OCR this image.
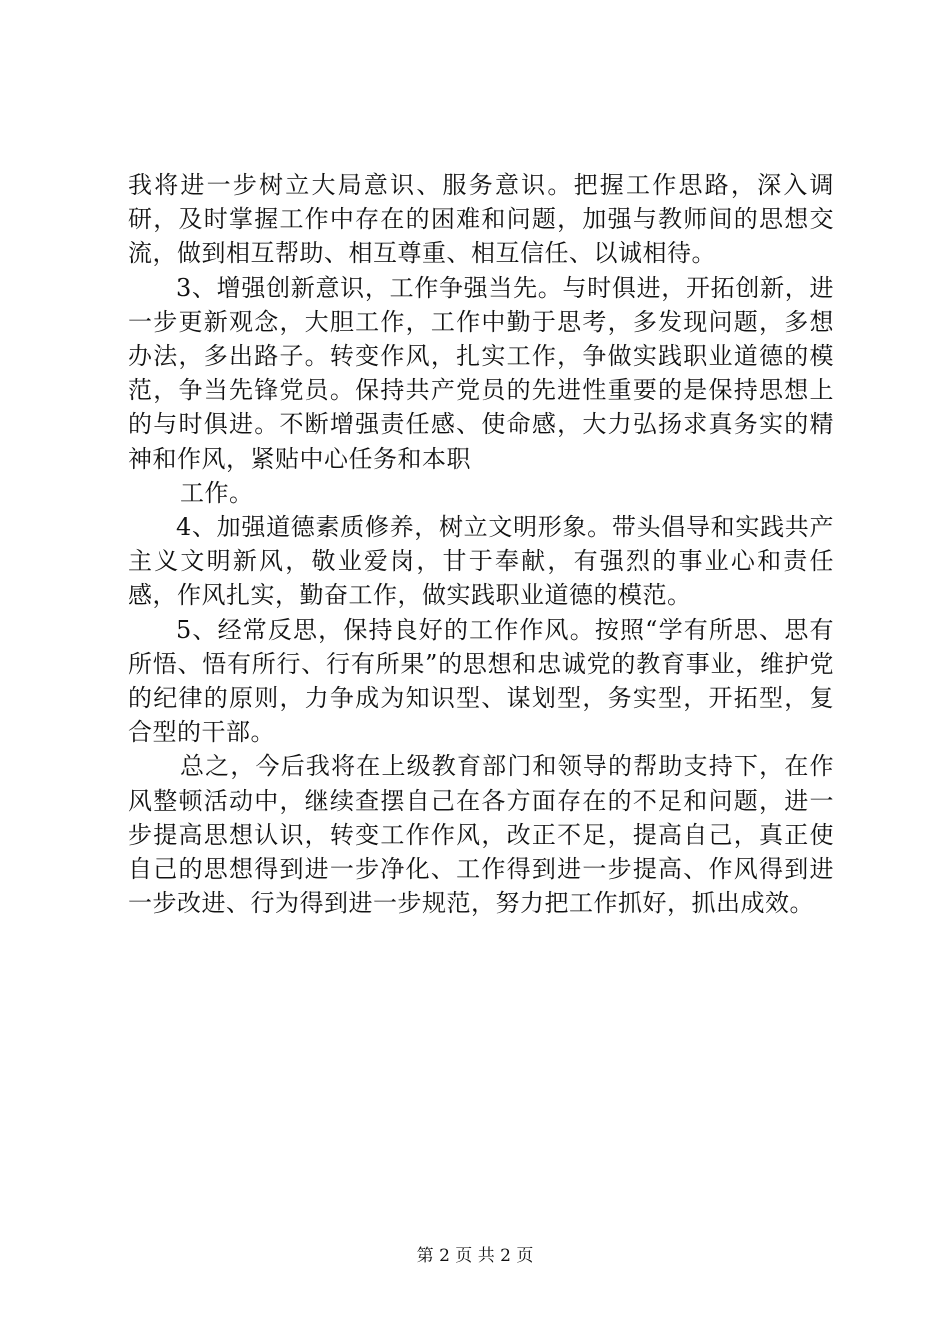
我将进一步树立大局意识、服务意识。把握工作思路，深入调研，及时掌握工作中存在的困难和问题，加强与教师间的思想交流，做到相互帮助、相互尊重、相互信任、以诚相待。

3、增强创新意识，工作争强当先。与时俱进，开拓创新，进一步更新观念，大胆工作，工作中勤于思考，多发现问题，多想办法，多出路子。转变作风，扎实工作，争做实践职业道德的模范，争当先锋党员。保持共产党员的先进性重要的是保持思想上的与时俱进。不断增强责任感、使命感，大力弘扬求真务实的精神和作风，紧贴中心任务和本职

工作。

4、加强道德素质修养，树立文明形象。带头倡导和实践共产主义文明新风，敬业爱岗，甘于奉献，有强烈的事业心和责任感，作风扎实，勤奋工作，做实践职业道德的模范。

5、经常反思，保持良好的工作作风。按照“学有所思、思有所悟、悟有所行、行有所果”的思想和忠诚党的教育事业，维护党的纪律的原则，力争成为知识型、谋划型，务实型，开拓型，复合型的干部。

总之，今后我将在上级教育部门和领导的帮助支持下，在作风整顿活动中，继续查摆自己在各方面存在的不足和问题，进一步提高思想认识，转变工作作风，改正不足，提高自己，真正使自己的思想得到进一步净化、工作得到进一步提高、作风得到进一步改进、行为得到进一步规范，努力把工作抓好，抓出成效。

第 2 页 共 2 页
